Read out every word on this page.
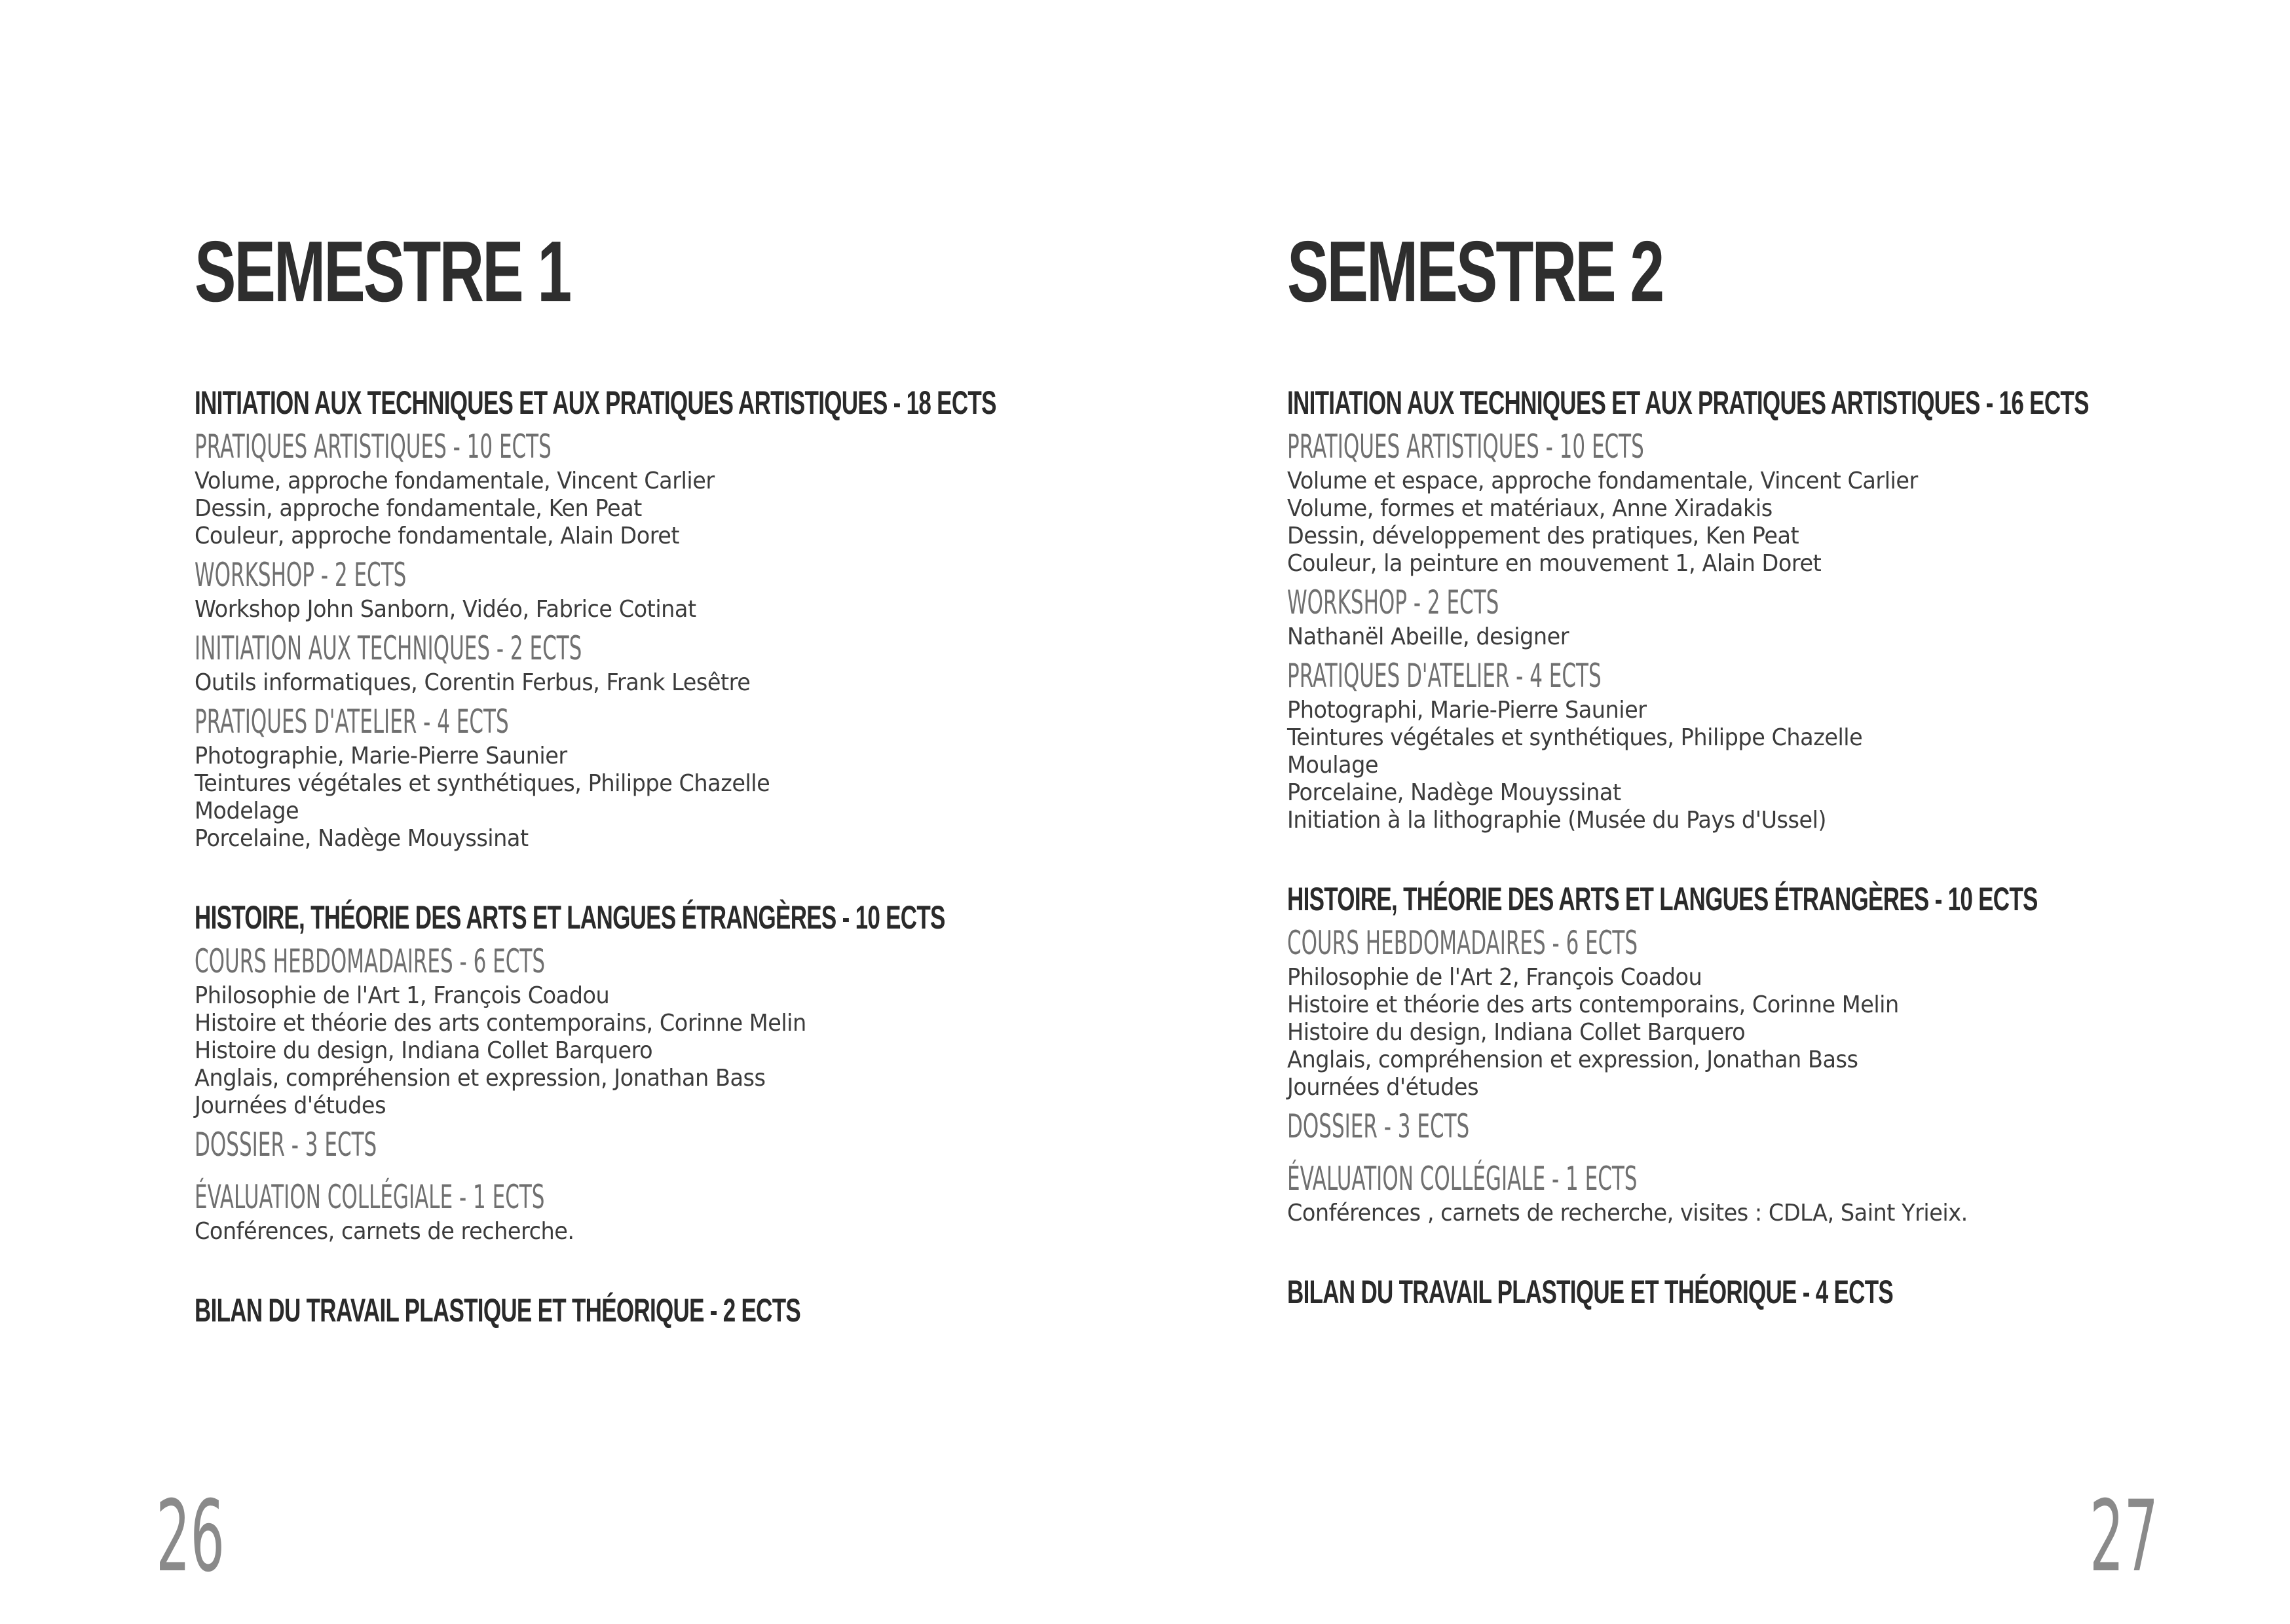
SEMESTRE 1
INITIATION AUX TECHNIQUES ET AUX PRATIQUES ARTISTIQUES - 18 ECTS
PRATIQUES ARTISTIQUES - 10 ECTS
Volume, approche fondamentale, Vincent Carlier
Dessin, approche fondamentale, Ken Peat
Couleur, approche fondamentale, Alain Doret
WORKSHOP - 2 ECTS
Workshop John Sanborn, Vidéo, Fabrice Cotinat
INITIATION AUX TECHNIQUES - 2 ECTS
Outils informatiques, Corentin Ferbus, Frank Lesêtre
PRATIQUES D'ATELIER - 4 ECTS
Photographie, Marie-Pierre Saunier
Teintures végétales et synthétiques, Philippe Chazelle
Modelage
Porcelaine, Nadège Mouyssinat
HISTOIRE, THÉORIE DES ARTS ET LANGUES ÉTRANGÈRES - 10 ECTS
COURS HEBDOMADAIRES - 6 ECTS
Philosophie de l'Art 1, François Coadou
Histoire et théorie des arts contemporains, Corinne Melin
Histoire du design, Indiana Collet Barquero
Anglais, compréhension et expression, Jonathan Bass
Journées d'études
DOSSIER - 3 ECTS
ÉVALUATION COLLÉGIALE - 1 ECTS
Conférences, carnets de recherche.
BILAN DU TRAVAIL PLASTIQUE ET THÉORIQUE - 2 ECTS
26
SEMESTRE 2
INITIATION AUX TECHNIQUES ET AUX PRATIQUES ARTISTIQUES - 16 ECTS
PRATIQUES ARTISTIQUES - 10 ECTS
Volume et espace, approche fondamentale, Vincent Carlier
Volume, formes et matériaux, Anne Xiradakis
Dessin, développement des pratiques, Ken Peat
Couleur, la peinture en mouvement 1, Alain Doret
WORKSHOP - 2 ECTS
Nathanël Abeille, designer
PRATIQUES D'ATELIER - 4 ECTS
Photographi, Marie-Pierre Saunier
Teintures végétales et synthétiques, Philippe Chazelle
Moulage
Porcelaine, Nadège Mouyssinat
Initiation à la lithographie (Musée du Pays d'Ussel)
HISTOIRE, THÉORIE DES ARTS ET LANGUES ÉTRANGÈRES - 10 ECTS
COURS HEBDOMADAIRES - 6 ECTS
Philosophie de l'Art 2, François Coadou
Histoire et théorie des arts contemporains, Corinne Melin
Histoire du design, Indiana Collet Barquero
Anglais, compréhension et expression, Jonathan Bass
Journées d'études
DOSSIER - 3 ECTS
ÉVALUATION COLLÉGIALE - 1 ECTS
Conférences , carnets de recherche, visites : CDLA, Saint Yrieix.
BILAN DU TRAVAIL PLASTIQUE ET THÉORIQUE - 4 ECTS
27
